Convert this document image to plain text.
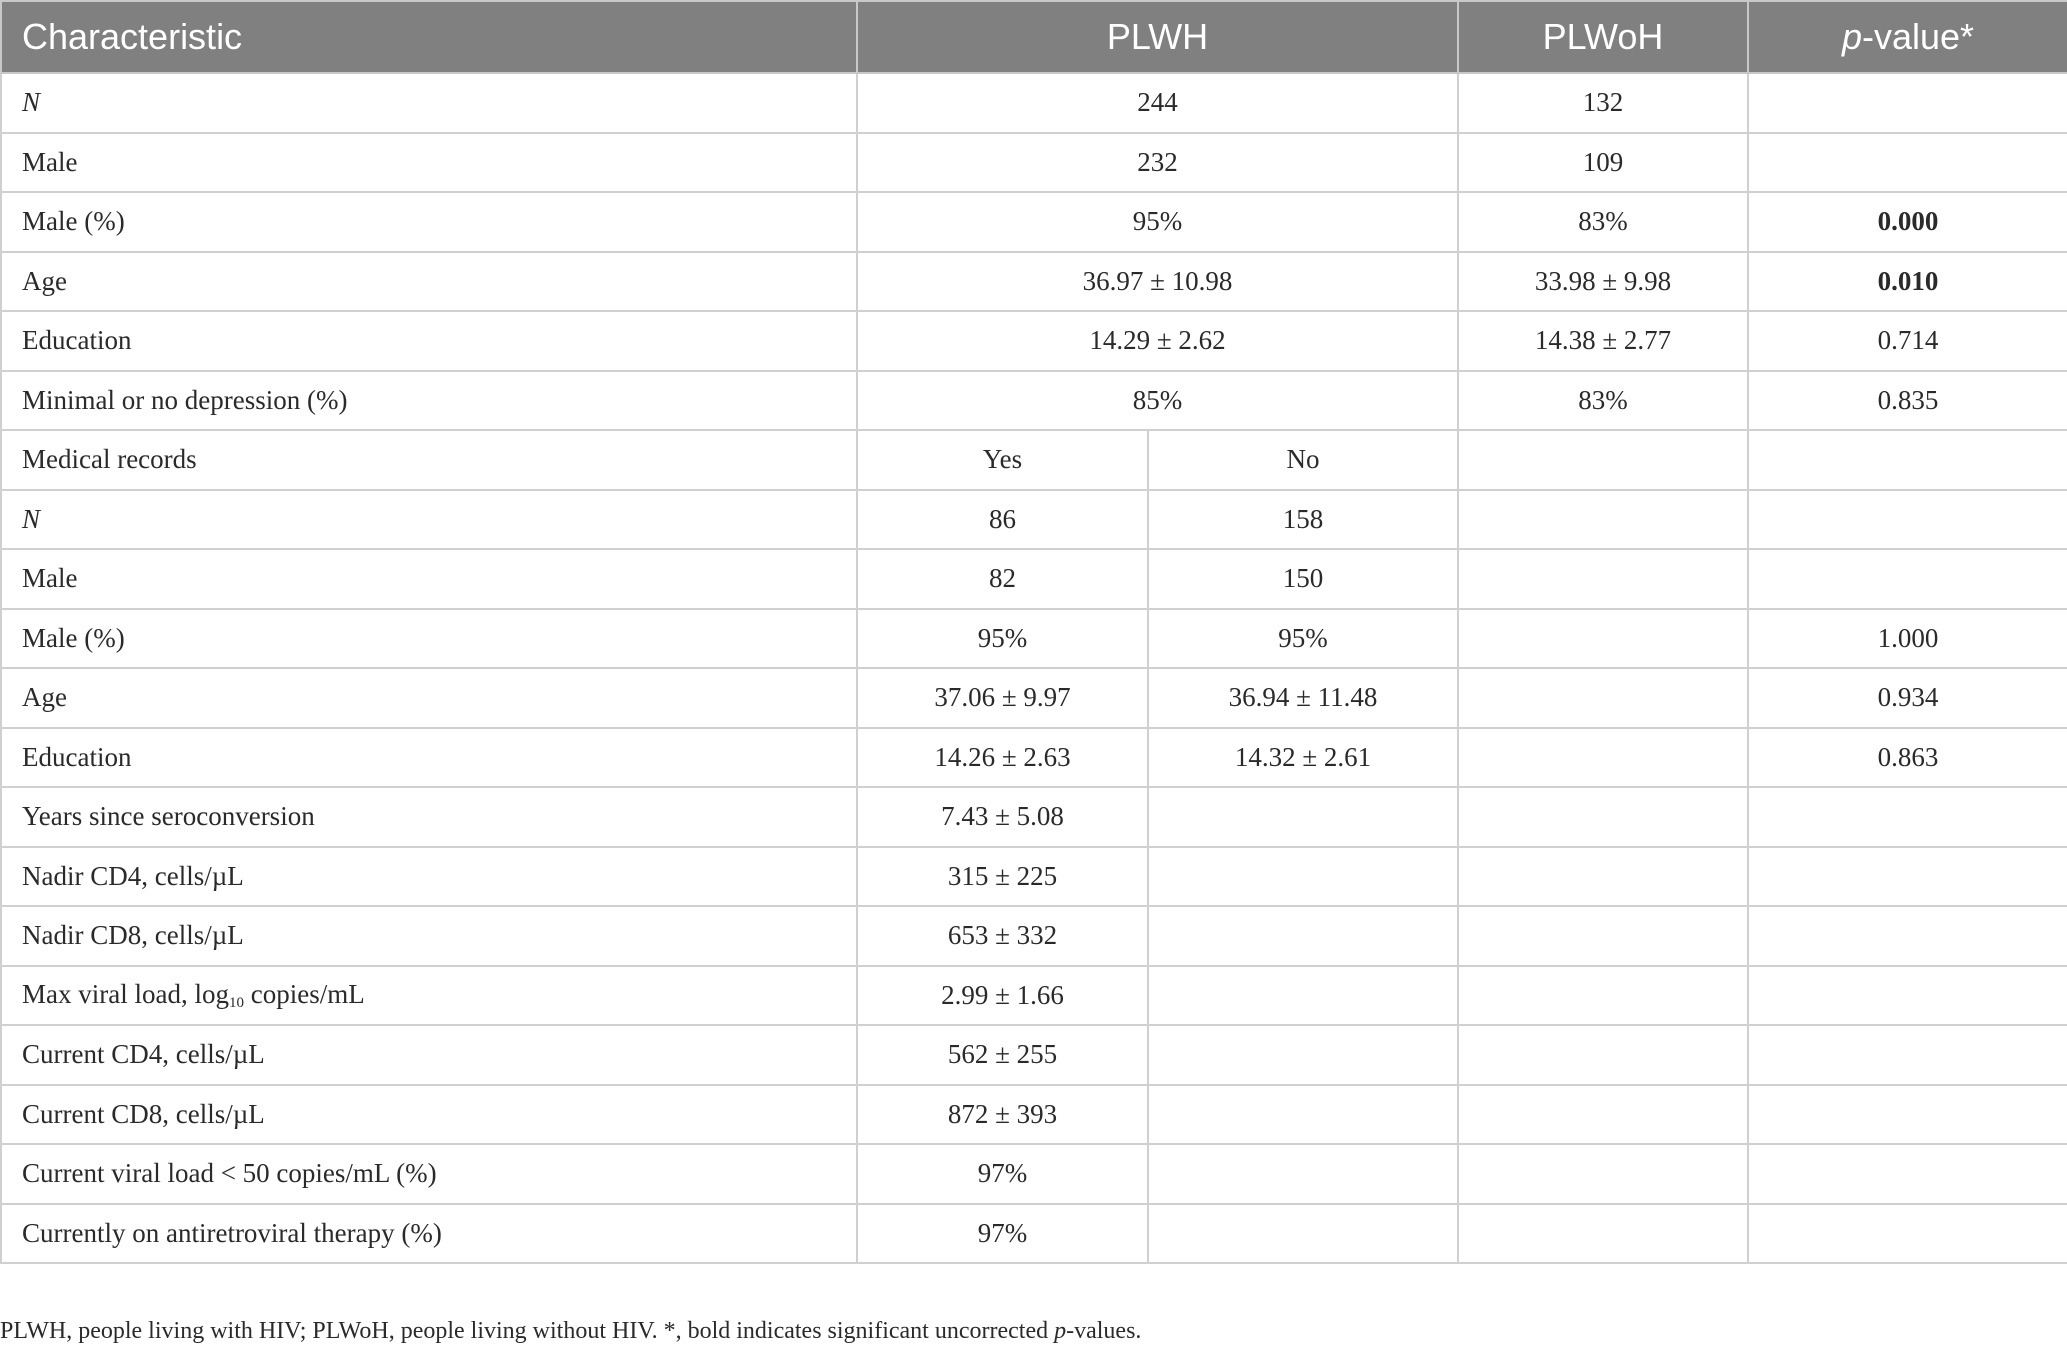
Characteristic	PLWH		PLWoH	p-value*
N	244		132	
Male	232		109	
Male (%)	95%		83%	0.000
Age	36.97 ± 10.98		33.98 ± 9.98	0.010
Education	14.29 ± 2.62		14.38 ± 2.77	0.714
Minimal or no depression (%)	85%		83%	0.835
Medical records	Yes	No		
N	86	158		
Male	82	150		
Male (%)	95%	95%		1.000
Age	37.06 ± 9.97	36.94 ± 11.48		0.934
Education	14.26 ± 2.63	14.32 ± 2.61		0.863
Years since seroconversion	7.43 ± 5.08			
Nadir CD4, cells/µL	315 ± 225			
Nadir CD8, cells/µL	653 ± 332			
Max viral load, $\log_{10}$ copies/mL	2.99 ± 1.66			
Current CD4, cells/µL	562 ± 255			
Current CD8, cells/µL	872 ± 393			
Current viral load < 50 copies/mL (%)	97%			
Currently on antiretroviral therapy (%)	97%			

PLWH, people living with HIV; PLWoH, people living without HIV. *, bold indicates significant uncorrected p-values.
